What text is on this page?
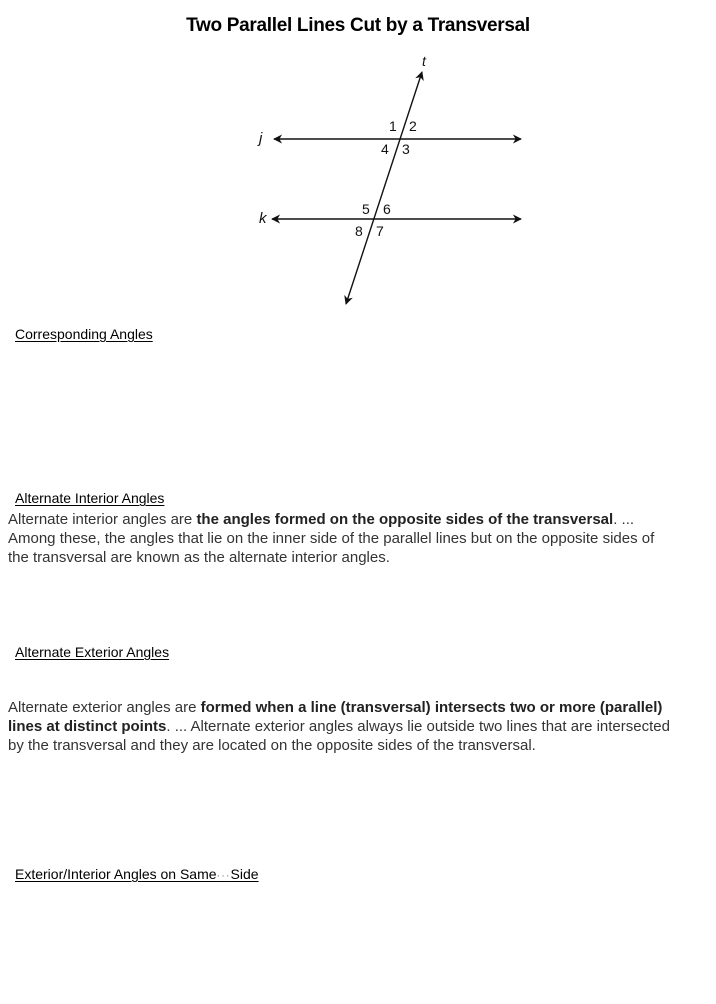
Two Parallel Lines Cut by a Transversal
t
j
k
1 2
3
4
5 6
7
8
Corresponding Angles
Alternate Interior Angles
Alternate interior angles are the angles formed on the opposite sides of the transversal. ... Among these, the angles that lie on the inner side of the parallel lines but on the opposite sides of the transversal are known as the alternate interior angles.
Alternate Exterior Angles
Alternate exterior angles are formed when a line (transversal) intersects two or more (parallel) lines at distinct points. ... Alternate exterior angles always lie outside two lines that are intersected by the transversal and they are located on the opposite sides of the transversal.
Exterior/Interior Angles on Same···Side
